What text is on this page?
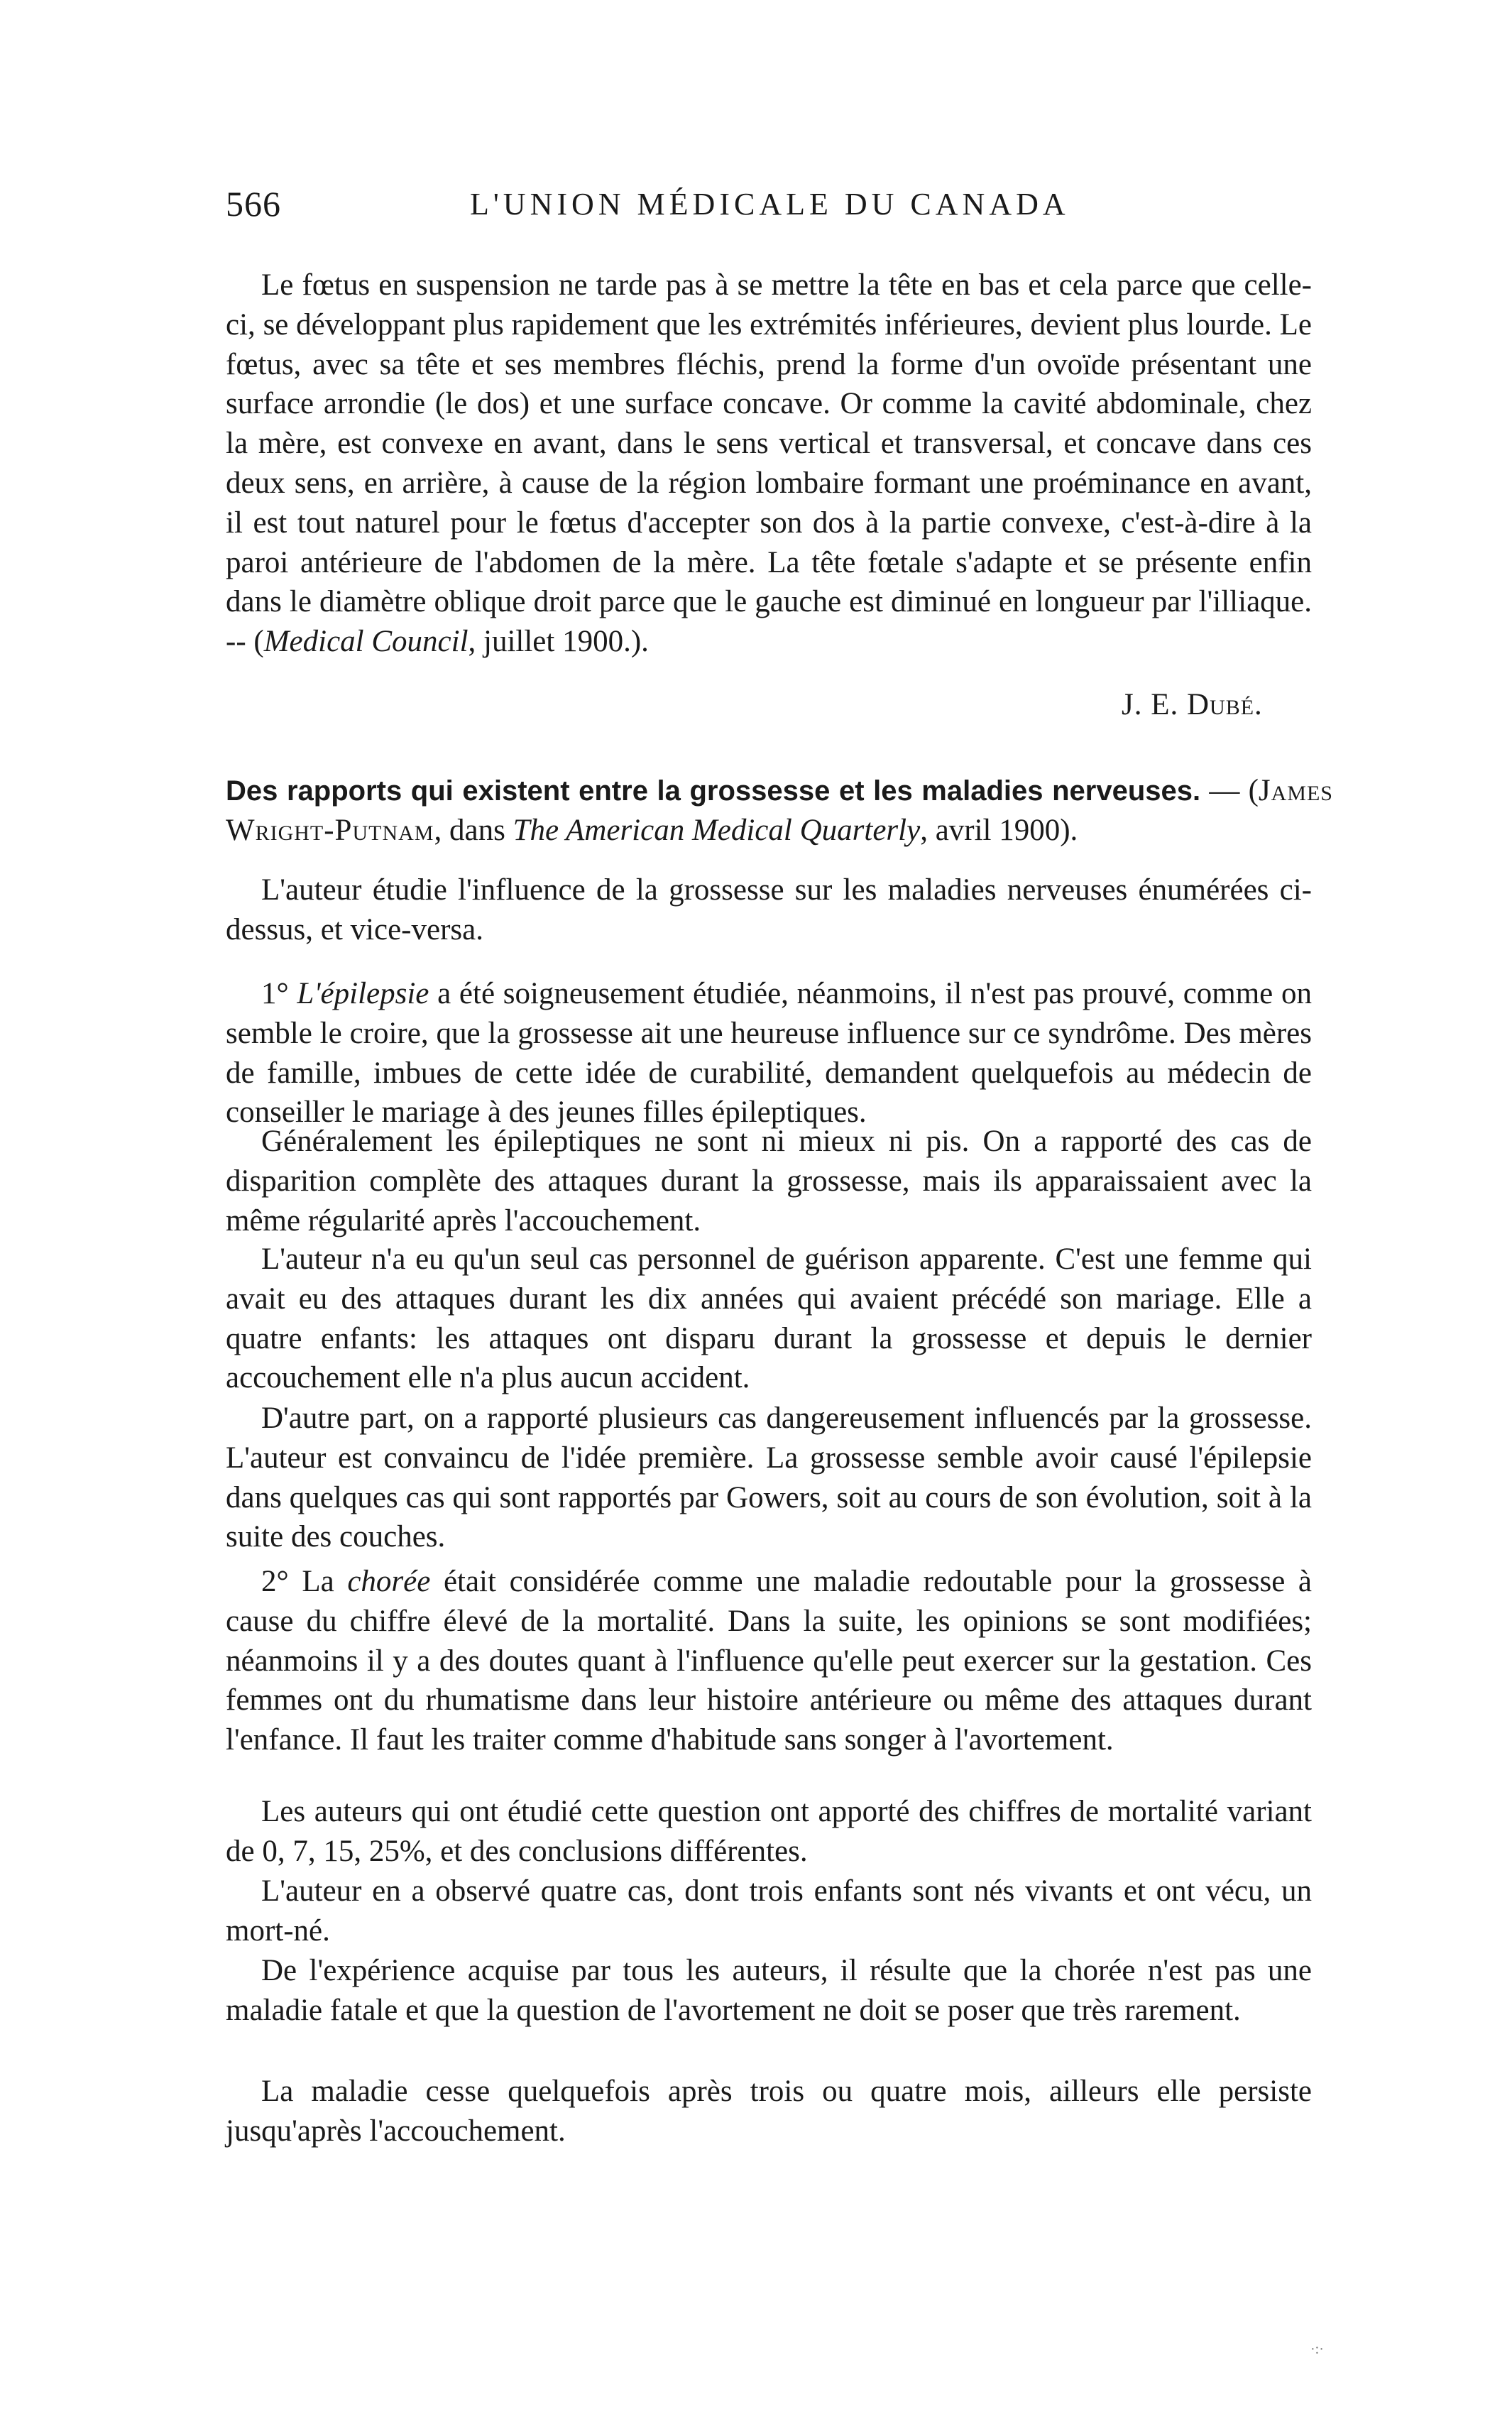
566	L'UNION MÉDICALE DU CANADA
Le fœtus en suspension ne tarde pas à se mettre la tête en bas et cela parce que celle-ci, se développant plus rapidement que les extrémités inférieures, devient plus lourde. Le fœtus, avec sa tête et ses membres fléchis, prend la forme d'un ovoïde présentant une surface arrondie (le dos) et une surface concave. Or comme la cavité abdominale, chez la mère, est convexe en avant, dans le sens vertical et transversal, et concave dans ces deux sens, en arrière, à cause de la région lombaire formant une proéminance en avant, il est tout naturel pour le fœtus d'accepter son dos à la partie convexe, c'est-à-dire à la paroi antérieure de l'abdomen de la mère. La tête fœtale s'adapte et se présente enfin dans le diamètre oblique droit parce que le gauche est diminué en longueur par l'illiaque. -- (Medical Council, juillet 1900.).
J. E. Dubé.
Des rapports qui existent entre la grossesse et les maladies nerveuses. — (James Wright-Putnam, dans The American Medical Quarterly, avril 1900).

L'auteur étudie l'influence de la grossesse sur les maladies nerveuses énumérées ci-dessus, et vice-versa.

1° L'épilepsie a été soigneusement étudiée, néanmoins, il n'est pas prouvé, comme on semble le croire, que la grossesse ait une heureuse influence sur ce syndrôme. Des mères de famille, imbues de cette idée de curabilité, demandent quelquefois au médecin de conseiller le mariage à des jeunes filles épileptiques.

Généralement les épileptiques ne sont ni mieux ni pis. On a rapporté des cas de disparition complète des attaques durant la grossesse, mais ils apparaissaient avec la même régularité après l'accouchement.

L'auteur n'a eu qu'un seul cas personnel de guérison apparente. C'est une femme qui avait eu des attaques durant les dix années qui avaient précédé son mariage. Elle a quatre enfants: les attaques ont disparu durant la grossesse et depuis le dernier accouchement elle n'a plus aucun accident.

D'autre part, on a rapporté plusieurs cas dangereusement influencés par la grossesse. L'auteur est convaincu de l'idée première. La grossesse semble avoir causé l'épilepsie dans quelques cas qui sont rapportés par Gowers, soit au cours de son évolution, soit à la suite des couches.

2° La chorée était considérée comme une maladie redoutable pour la grossesse à cause du chiffre élevé de la mortalité. Dans la suite, les opinions se sont modifiées; néanmoins il y a des doutes quant à l'influence qu'elle peut exercer sur la gestation. Ces femmes ont du rhumatisme dans leur histoire antérieure ou même des attaques durant l'enfance. Il faut les traiter comme d'habitude sans songer à l'avortement.

Les auteurs qui ont étudié cette question ont apporté des chiffres de mortalité variant de 0, 7, 15, 25%, et des conclusions différentes.

L'auteur en a observé quatre cas, dont trois enfants sont nés vivants et ont vécu, un mort-né.

De l'expérience acquise par tous les auteurs, il résulte que la chorée n'est pas une maladie fatale et que la question de l'avortement ne doit se poser que très rarement.

La maladie cesse quelquefois après trois ou quatre mois, ailleurs elle persiste jusqu'après l'accouchement.

·:·
